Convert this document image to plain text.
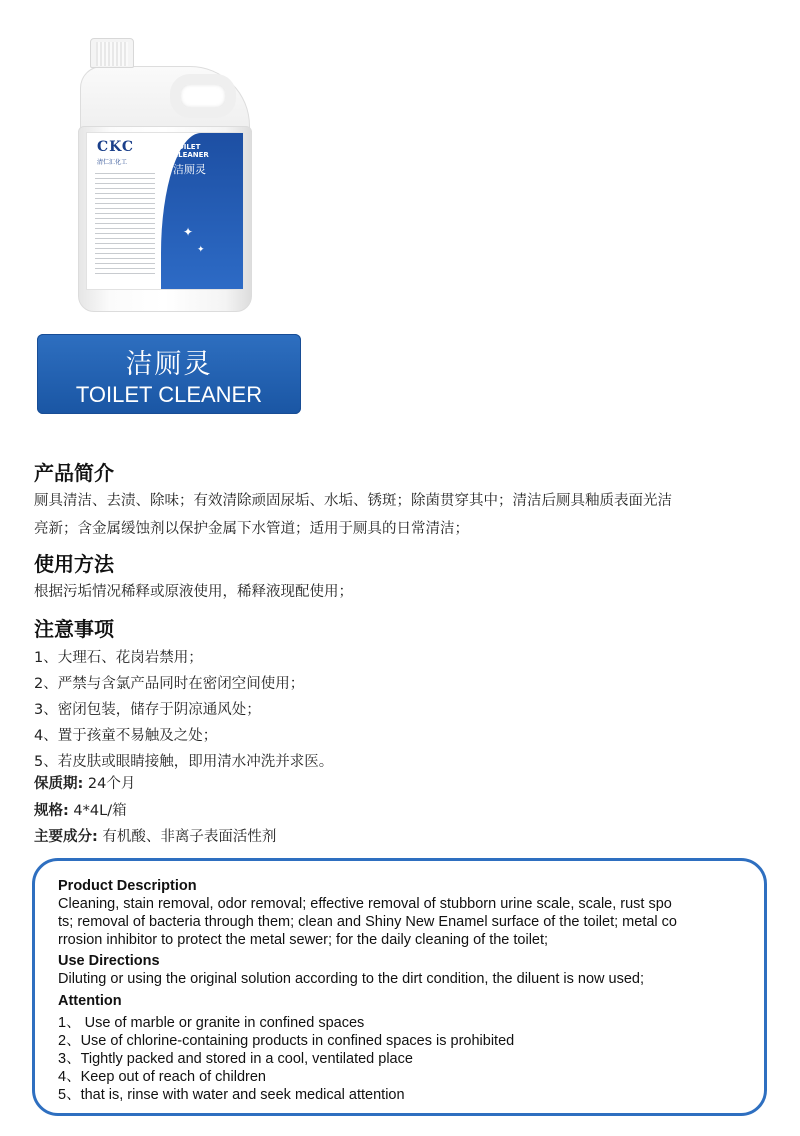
CKC
清仁汇化工
TOILET CLEANER
洁厕灵
✦
✦
洁厕灵
TOILET CLEANER
产品简介
厕具清洁、去渍、除味；有效清除顽固尿垢、水垢、锈斑；除菌贯穿其中；清洁后厕具釉质表面光洁
亮新；含金属缓蚀剂以保护金属下水管道；适用于厕具的日常清洁；
使用方法
根据污垢情况稀释或原液使用，稀释液现配使用；
注意事项
1、大理石、花岗岩禁用；
2、严禁与含氯产品同时在密闭空间使用；
3、密闭包装，储存于阴凉通风处；
4、置于孩童不易触及之处；
5、若皮肤或眼睛接触，即用清水冲洗并求医。
保质期: 24个月
规格: 4*4L/箱
主要成分: 有机酸、非离子表面活性剂
Product Description
Cleaning, stain removal, odor removal; effective removal of stubborn urine scale, scale, rust spo
ts; removal of bacteria through them; clean and Shiny New Enamel surface of the toilet; metal co
rrosion inhibitor to protect the metal sewer; for the daily cleaning of the toilet;
Use Directions
Diluting or using the original solution according to the dirt condition, the diluent is now used;
Attention
1、 Use of marble or granite in confined spaces
2、Use of chlorine-containing products in confined spaces is prohibited
3、Tightly packed and stored in a cool, ventilated place
4、Keep out of reach of children
5、that is, rinse with water and seek medical attention
